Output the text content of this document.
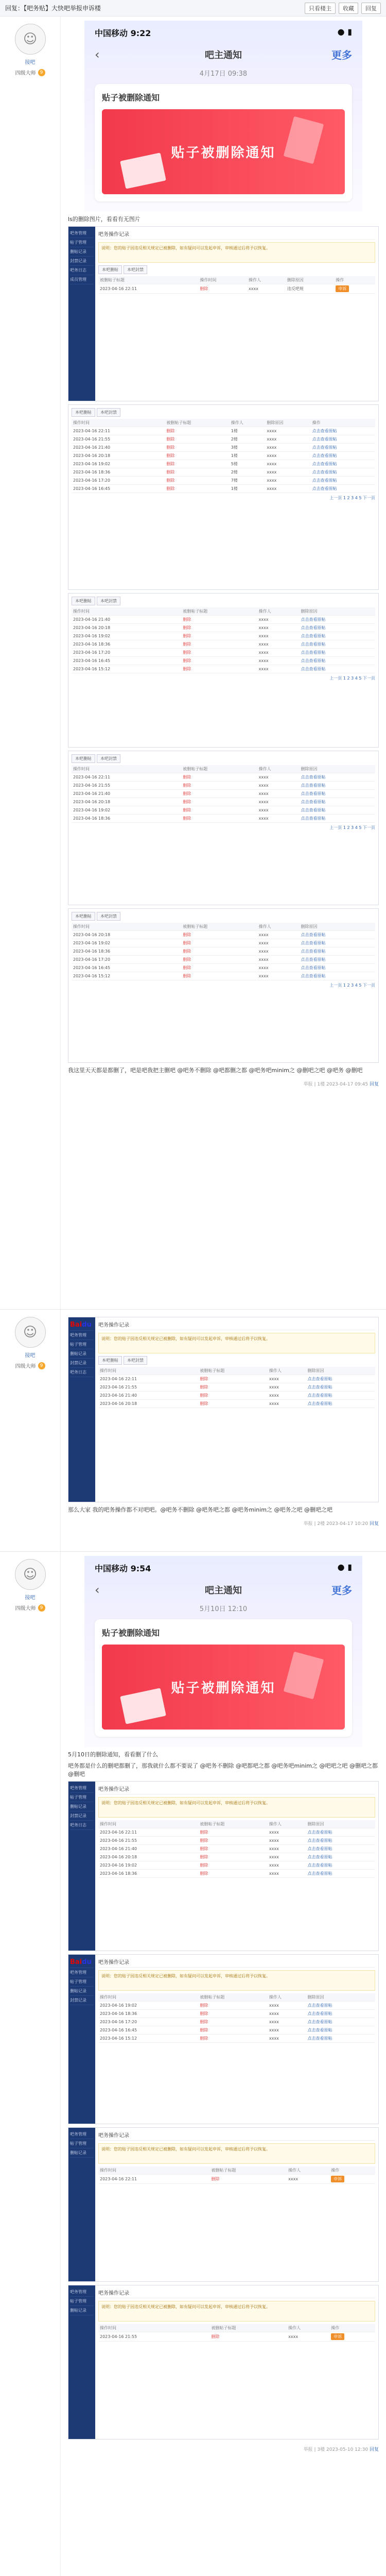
回复：【吧务贴】大快吧举报申诉楼	只看楼主	收藏	回复
☺
接吧
四级大师 9
中国移动 9:22	● ▮
‹	吧主通知	更多
4月17日 09:38
贴子被删除通知
贴子被删除通知
ls的删除图片，看看有无图片
吧务管理
帖子管理
删帖记录
封禁记录
吧务日志
成员管理
吧务操作记录
说明：您的贴子因违反相关规定已被删除，如有疑问可以发起申诉，审核通过后将予以恢复。
本吧删帖 本吧封禁
被删帖子标题	操作时间	操作人	删除原因	操作
2023-04-16 22:11	删除	xxxx	违反吧规	申诉
本吧删帖 本吧封禁
操作时间	被删帖子标题	操作人	删除原因	操作
2023-04-16 22:11	删除	1楼	xxxx	点击查看原帖
2023-04-16 21:55	删除	2楼	xxxx	点击查看原帖
2023-04-16 21:40	删除	3楼	xxxx	点击查看原帖
2023-04-16 20:18	删除	1楼	xxxx	点击查看原帖
2023-04-16 19:02	删除	5楼	xxxx	点击查看原帖
2023-04-16 18:36	删除	2楼	xxxx	点击查看原帖
2023-04-16 17:20	删除	7楼	xxxx	点击查看原帖
2023-04-16 16:45	删除	1楼	xxxx	点击查看原帖
上一页 1 2 3 4 5 下一页
本吧删帖 本吧封禁
操作时间	被删帖子标题	操作人	删除原因
2023-04-16 21:40	删除	xxxx	点击查看原帖
2023-04-16 20:18	删除	xxxx	点击查看原帖
2023-04-16 19:02	删除	xxxx	点击查看原帖
2023-04-16 18:36	删除	xxxx	点击查看原帖
2023-04-16 17:20	删除	xxxx	点击查看原帖
2023-04-16 16:45	删除	xxxx	点击查看原帖
2023-04-16 15:12	删除	xxxx	点击查看原帖
上一页 1 2 3 4 5 下一页
本吧删帖 本吧封禁
操作时间	被删帖子标题	操作人	删除原因
2023-04-16 22:11	删除	xxxx	点击查看原帖
2023-04-16 21:55	删除	xxxx	点击查看原帖
2023-04-16 21:40	删除	xxxx	点击查看原帖
2023-04-16 20:18	删除	xxxx	点击查看原帖
2023-04-16 19:02	删除	xxxx	点击查看原帖
2023-04-16 18:36	删除	xxxx	点击查看原帖
上一页 1 2 3 4 5 下一页
本吧删帖 本吧封禁
操作时间	被删帖子标题	操作人	删除原因
2023-04-16 20:18	删除	xxxx	点击查看原帖
2023-04-16 19:02	删除	xxxx	点击查看原帖
2023-04-16 18:36	删除	xxxx	点击查看原帖
2023-04-16 17:20	删除	xxxx	点击查看原帖
2023-04-16 16:45	删除	xxxx	点击查看原帖
2023-04-16 15:12	删除	xxxx	点击查看原帖
上一页 1 2 3 4 5 下一页
我这里天天都是都删了，吧是吧我把主删吧 @吧务不删除 @吧都删之都 @吧务吧minim之 @删吧之吧 @吧务 @删吧
举报 | 1楼 2023-04-17 09:45 回复
☺
接吧
四级大师 9
Baidu
吧务管理
帖子管理
删帖记录
封禁记录
吧务日志
吧务操作记录
说明：您的贴子因违反相关规定已被删除，如有疑问可以发起申诉，审核通过后将予以恢复。
本吧删帖 本吧封禁
操作时间	被删帖子标题	操作人	删除原因
2023-04-16 22:11	删除	xxxx	点击查看原帖
2023-04-16 21:55	删除	xxxx	点击查看原帖
2023-04-16 21:40	删除	xxxx	点击查看原帖
2023-04-16 20:18	删除	xxxx	点击查看原帖
那么大家 我的吧务操作都不对吧吧。@吧务不删除 @吧务吧之都 @吧务minim之 @吧务之吧 @删吧之吧
举报 | 2楼 2023-04-17 10:20 回复
☺
接吧
四级大师 9
中国移动 9:54	● ▮
‹	吧主通知	更多
5月10日 12:10
贴子被删除通知
贴子被删除通知
5月10日的删除通知，看看删了什么
吧务都是什么的删吧都删了，那我就什么都不要说了 @吧务不删除 @吧都吧之都 @吧务吧minim之 @吧吧之吧 @删吧之都 @删吧
吧务管理
帖子管理
删帖记录
封禁记录
吧务日志
吧务操作记录
说明：您的贴子因违反相关规定已被删除，如有疑问可以发起申诉，审核通过后将予以恢复。
操作时间	被删帖子标题	操作人	删除原因
2023-04-16 22:11	删除	xxxx	点击查看原帖
2023-04-16 21:55	删除	xxxx	点击查看原帖
2023-04-16 21:40	删除	xxxx	点击查看原帖
2023-04-16 20:18	删除	xxxx	点击查看原帖
2023-04-16 19:02	删除	xxxx	点击查看原帖
2023-04-16 18:36	删除	xxxx	点击查看原帖
Baidu
吧务管理
帖子管理
删帖记录
封禁记录
吧务操作记录
说明：您的贴子因违反相关规定已被删除，如有疑问可以发起申诉，审核通过后将予以恢复。
操作时间	被删帖子标题	操作人	删除原因
2023-04-16 19:02	删除	xxxx	点击查看原帖
2023-04-16 18:36	删除	xxxx	点击查看原帖
2023-04-16 17:20	删除	xxxx	点击查看原帖
2023-04-16 16:45	删除	xxxx	点击查看原帖
2023-04-16 15:12	删除	xxxx	点击查看原帖
吧务管理
帖子管理
删帖记录
吧务操作记录
说明：您的贴子因违反相关规定已被删除，如有疑问可以发起申诉，审核通过后将予以恢复。
操作时间	被删帖子标题	操作人	操作
2023-04-16 22:11	删除	xxxx	申诉
吧务管理
帖子管理
删帖记录
吧务操作记录
说明：您的贴子因违反相关规定已被删除，如有疑问可以发起申诉，审核通过后将予以恢复。
操作时间	被删帖子标题	操作人	操作
2023-04-16 21:55	删除	xxxx	申诉
举报 | 3楼 2023-05-10 12:30 回复
